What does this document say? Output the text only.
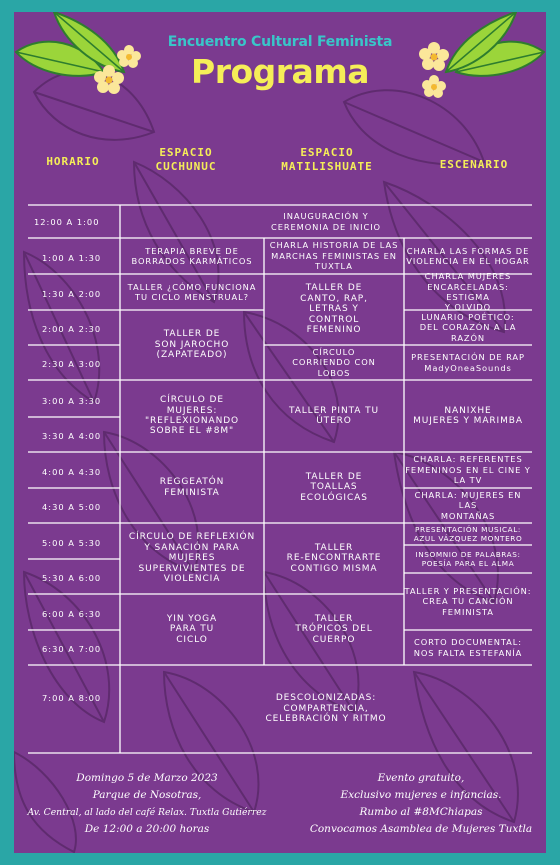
Encuentro Cultural Feminista
Programa
HORARIO
ESPACIO
CUCHUNUC
ESPACIO
MATILISHUATE	ESCENARIO
12:00 A 1:00
1:00 A 1:30
1:30 A 2:00
2:00 A 2:30
2:30 A 3:00
3:00 A 3:30
3:30 A 4:00
4:00 A 4:30
4:30 A 5:00
5:00 A 5:30
5:30 A 6:00
6:00 A 6:30
6:30 A 7:00
7:00 A 8:00
INAUGURACIÓN Y
CEREMONIA DE INICIO
TERAPIA BREVE DE
BORRADOS KARMÁTICOS
CHARLA HISTORIA DE LAS
MARCHAS FEMINISTAS EN
TUXTLA
CHARLA LAS FORMAS DE
VIOLENCIA EN EL HOGAR
TALLER ¿CÓMO FUNCIONA
TU CICLO MENSTRUAL?
TALLER DE
CANTO, RAP,
LETRAS Y
CONTROL
FEMENINO
CHARLA MUJERES
ENCARCELADAS: ESTIGMA
Y OLVIDO
TALLER DE
SON JAROCHO
(ZAPATEADO)
LUNARIO POÉTICO:
DEL CORAZÓN A LA
RAZÓN
CÍRCULO
CORRIENDO CON
LOBOS
PRESENTACIÓN DE RAP
MadyOneaSounds
CÍRCULO DE
MUJERES:
"REFLEXIONANDO
SOBRE EL #8M"
TALLER PINTA TU
ÚTERO
NANIXHE
MUJERES Y MARIMBA
REGGEATÓN
FEMINISTA
TALLER DE
TOALLAS
ECOLÓGICAS
CHARLA: REFERENTES
FEMENINOS EN EL CINE Y
LA TV
CHARLA: MUJERES EN LAS
MONTAÑAS
CÍRCULO DE REFLEXIÓN
Y SANACIÓN PARA
MUJERES
SUPERVIVIENTES DE
VIOLENCIA
TALLER
RE-ENCONTRARTE
CONTIGO MISMA
PRESENTACIÓN MUSICAL:
AZUL VÁZQUEZ MONTERO
INSOMNIO DE PALABRAS:
POESÍA PARA EL ALMA
TALLER Y PRESENTACIÓN:
CREA TU CANCIÓN
FEMINISTA
YIN YOGA
PARA TU
CICLO
TALLER
TRÓPICOS DEL
CUERPO	CORTO DOCUMENTAL:
NOS FALTA ESTEFANÍA
DESCOLONIZADAS:
COMPARTENCIA,
CELEBRACIÓN Y RITMO
Domingo 5 de Marzo 2023
Parque de Nosotras,
Av. Central, al lado del café Relax. Tuxtla Gutiérrez
De 12:00 a 20:00 horas
Evento gratuito,
Exclusivo mujeres e infancias.
Rumbo al #8MChiapas
Convocamos Asamblea de Mujeres Tuxtla
